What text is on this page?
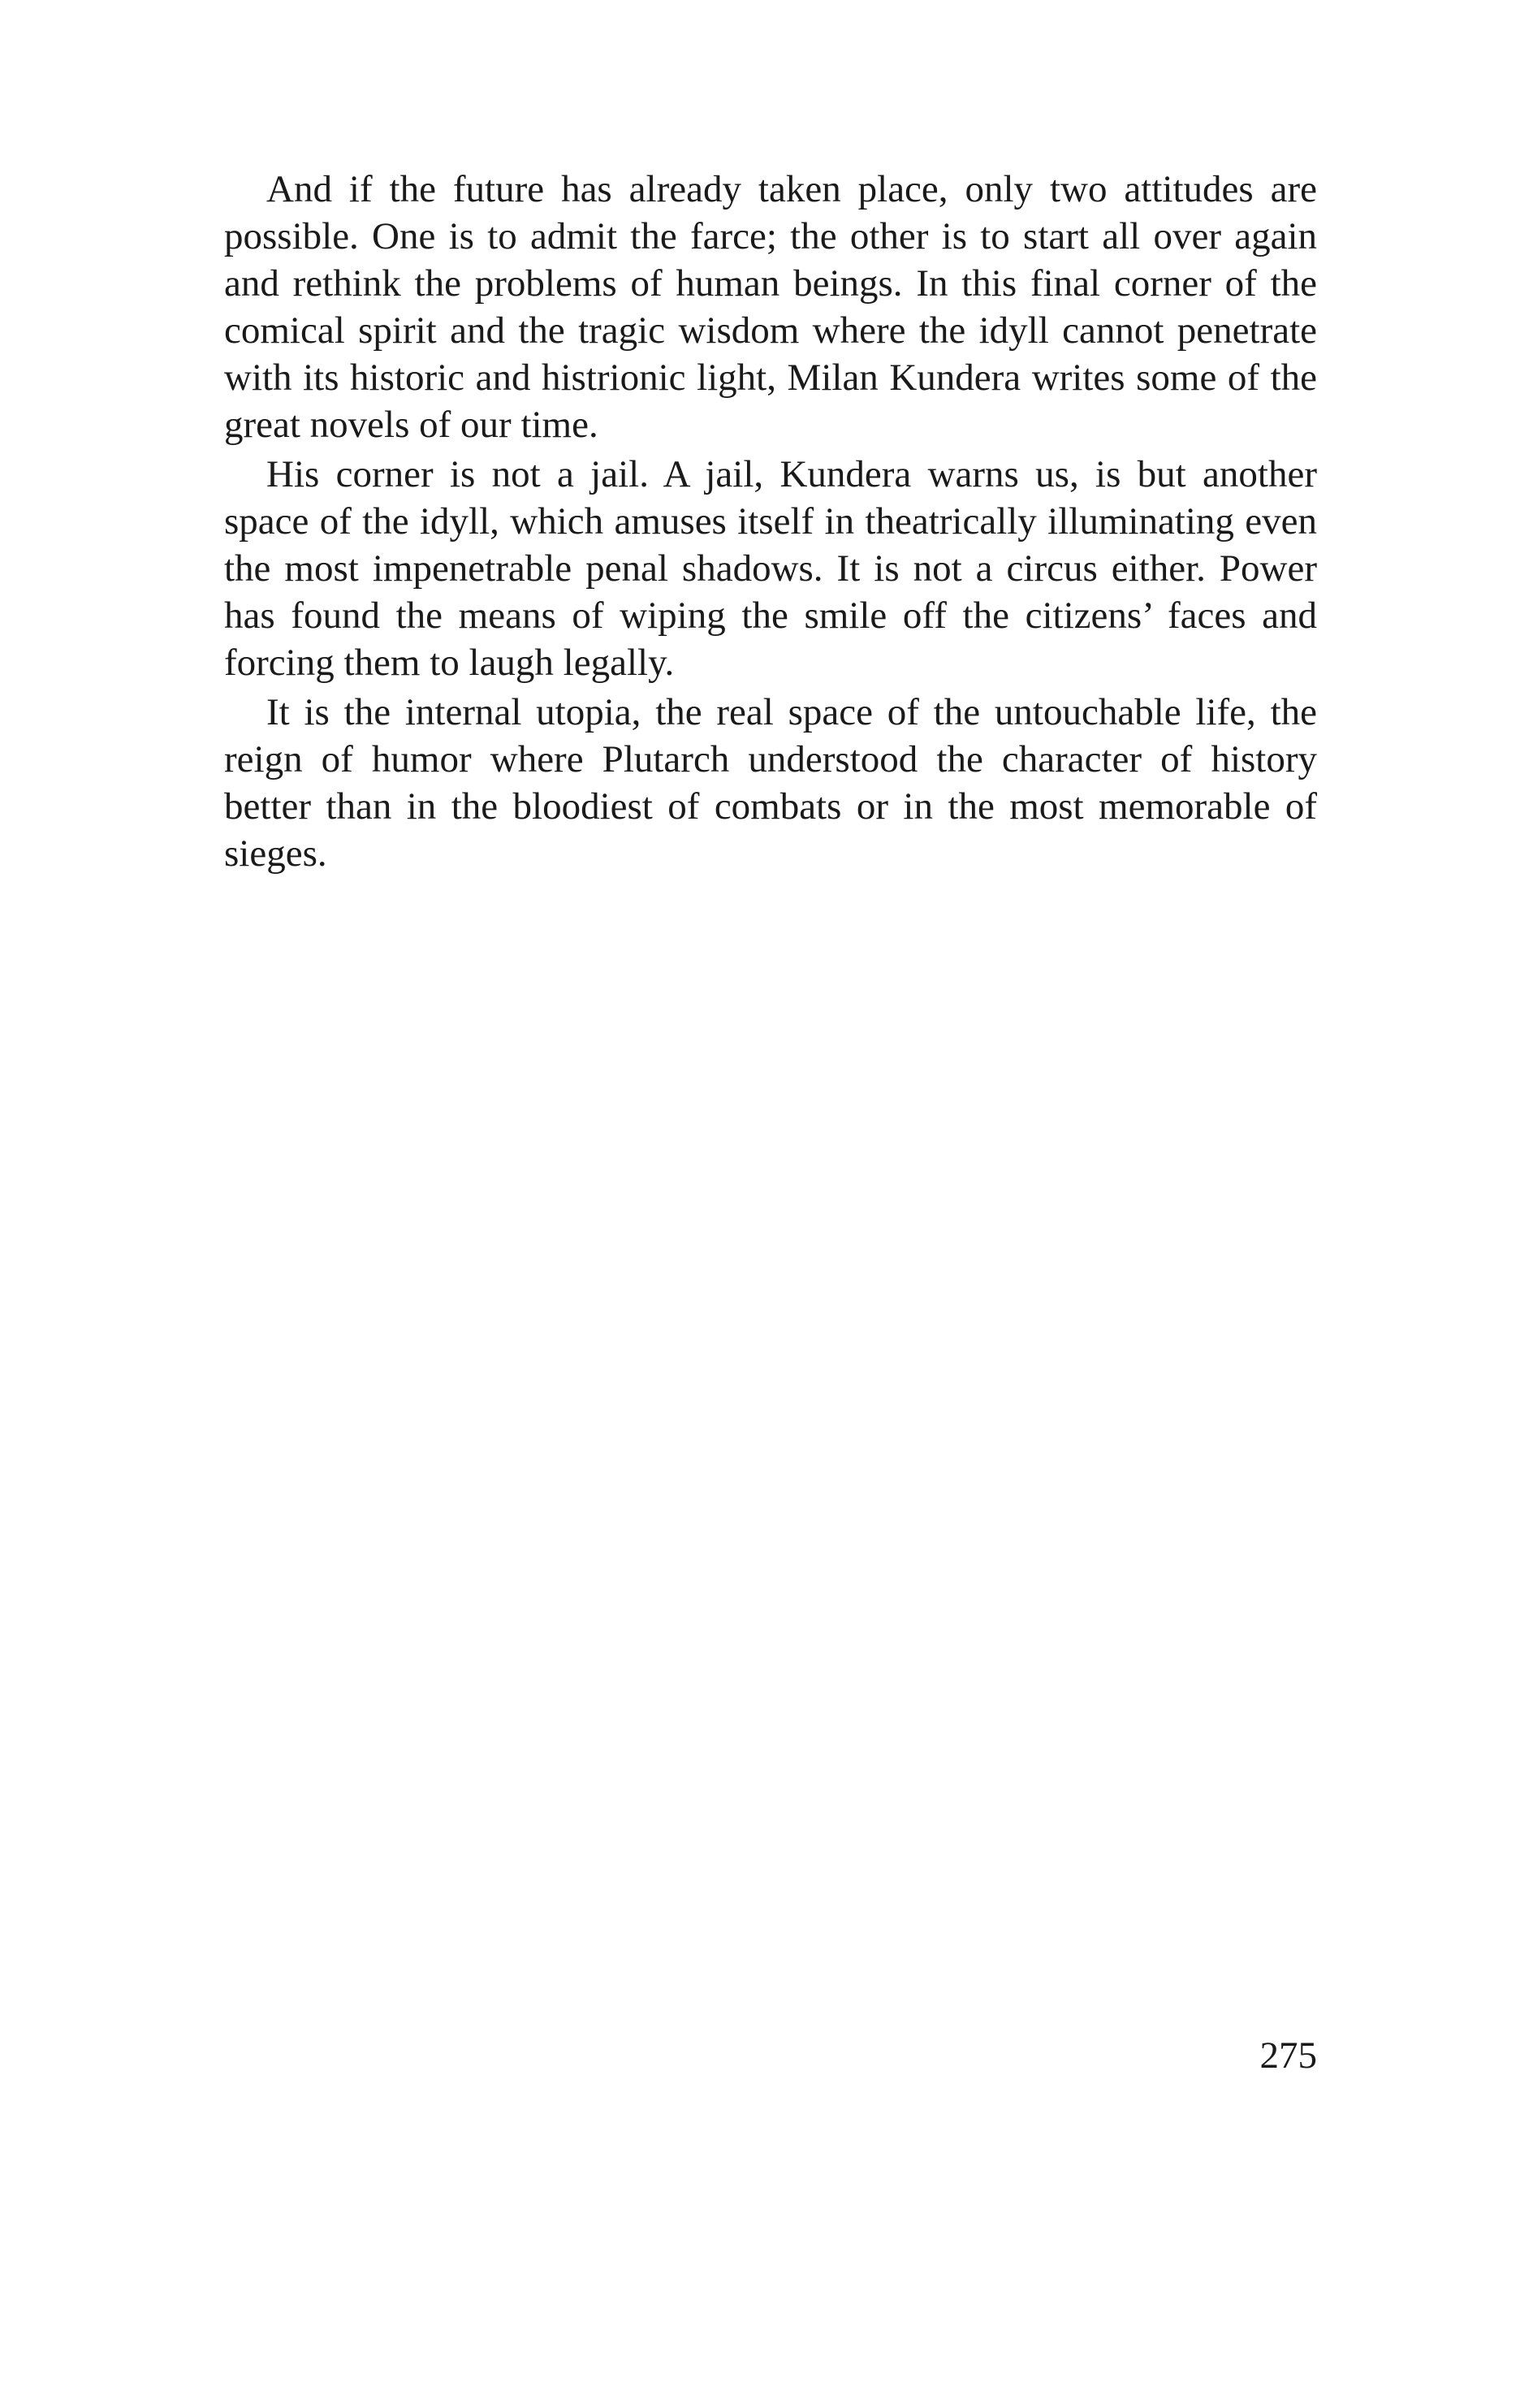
And if the future has already taken place, only two attitudes are possible. One is to admit the farce; the other is to start all over again and rethink the problems of human beings. In this final corner of the comical spirit and the tragic wisdom where the idyll cannot penetrate with its historic and histrionic light, Milan Kundera writes some of the great novels of our time.

His corner is not a jail. A jail, Kundera warns us, is but another space of the idyll, which amuses itself in theatrically illuminating even the most impenetrable penal shadows. It is not a circus either. Power has found the means of wiping the smile off the citizens’ faces and forcing them to laugh legally.

It is the internal utopia, the real space of the untouchable life, the reign of humor where Plutarch understood the character of history better than in the bloodiest of combats or in the most memorable of sieges.

275
